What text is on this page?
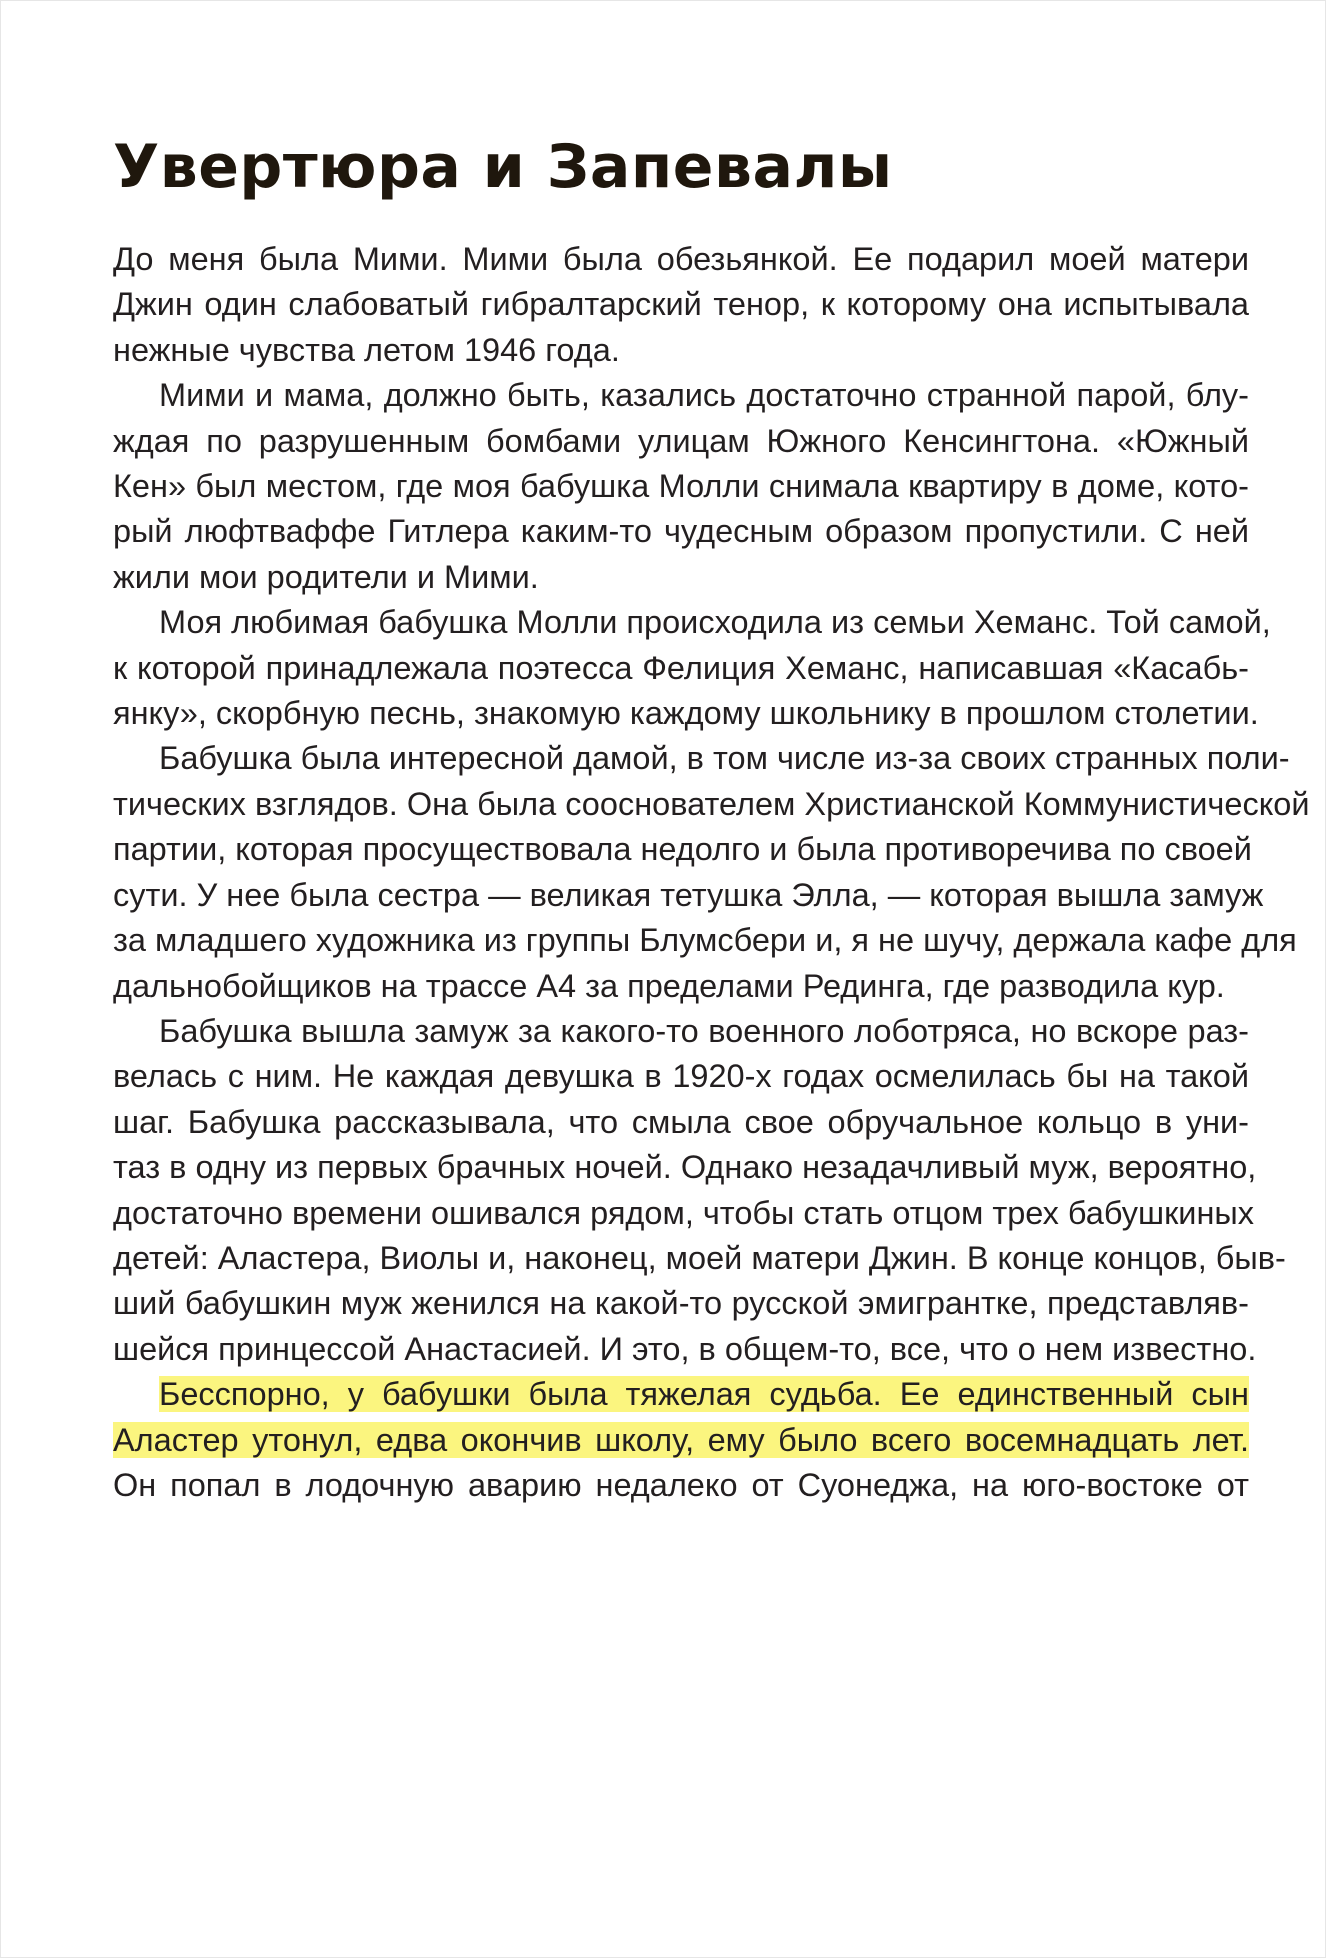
Увертюра и Запевалы

До меня была Мими. Мими была обезьянкой. Ее подарил моей матери
Джин один слабоватый гибралтарский тенор, к которому она испытывала
нежные чувства летом 1946 года.

Мими и мама, должно быть, казались достаточно странной парой, блу-
ждая по разрушенным бомбами улицам Южного Кенсингтона. «Южный
Кен» был местом, где моя бабушка Молли снимала квартиру в доме, кото-
рый люфтваффе Гитлера каким-то чудесным образом пропустили. С ней
жили мои родители и Мими.

Моя любимая бабушка Молли происходила из семьи Хеманс. Той самой,
к которой принадлежала поэтесса Фелиция Хеманс, написавшая «Касабь-
янку», скорбную песнь, знакомую каждому школьнику в прошлом столетии.

Бабушка была интересной дамой, в том числе из-за своих странных поли-
тических взглядов. Она была сооснователем Христианской Коммунистической
партии, которая просуществовала недолго и была противоречива по своей
сути. У нее была сестра — великая тетушка Элла, — которая вышла замуж
за младшего художника из группы Блумсбери и, я не шучу, держала кафе для
дальнобойщиков на трассе А4 за пределами Рединга, где разводила кур.

Бабушка вышла замуж за какого-то военного лоботряса, но вскоре раз-
велась с ним. Не каждая девушка в 1920-х годах осмелилась бы на такой
шаг. Бабушка рассказывала, что смыла свое обручальное кольцо в уни-
таз в одну из первых брачных ночей. Однако незадачливый муж, вероятно,
достаточно времени ошивался рядом, чтобы стать отцом трех бабушкиных
детей: Аластера, Виолы и, наконец, моей матери Джин. В конце концов, быв-
ший бабушкин муж женился на какой-то русской эмигрантке, представляв-
шейся принцессой Анастасией. И это, в общем-то, все, что о нем известно.

Бесспорно, у бабушки была тяжелая судьба. Ее единственный сын
Аластер утонул, едва окончив школу, ему было всего восемнадцать лет.
Он попал в лодочную аварию недалеко от Суонеджа, на юго-востоке от
